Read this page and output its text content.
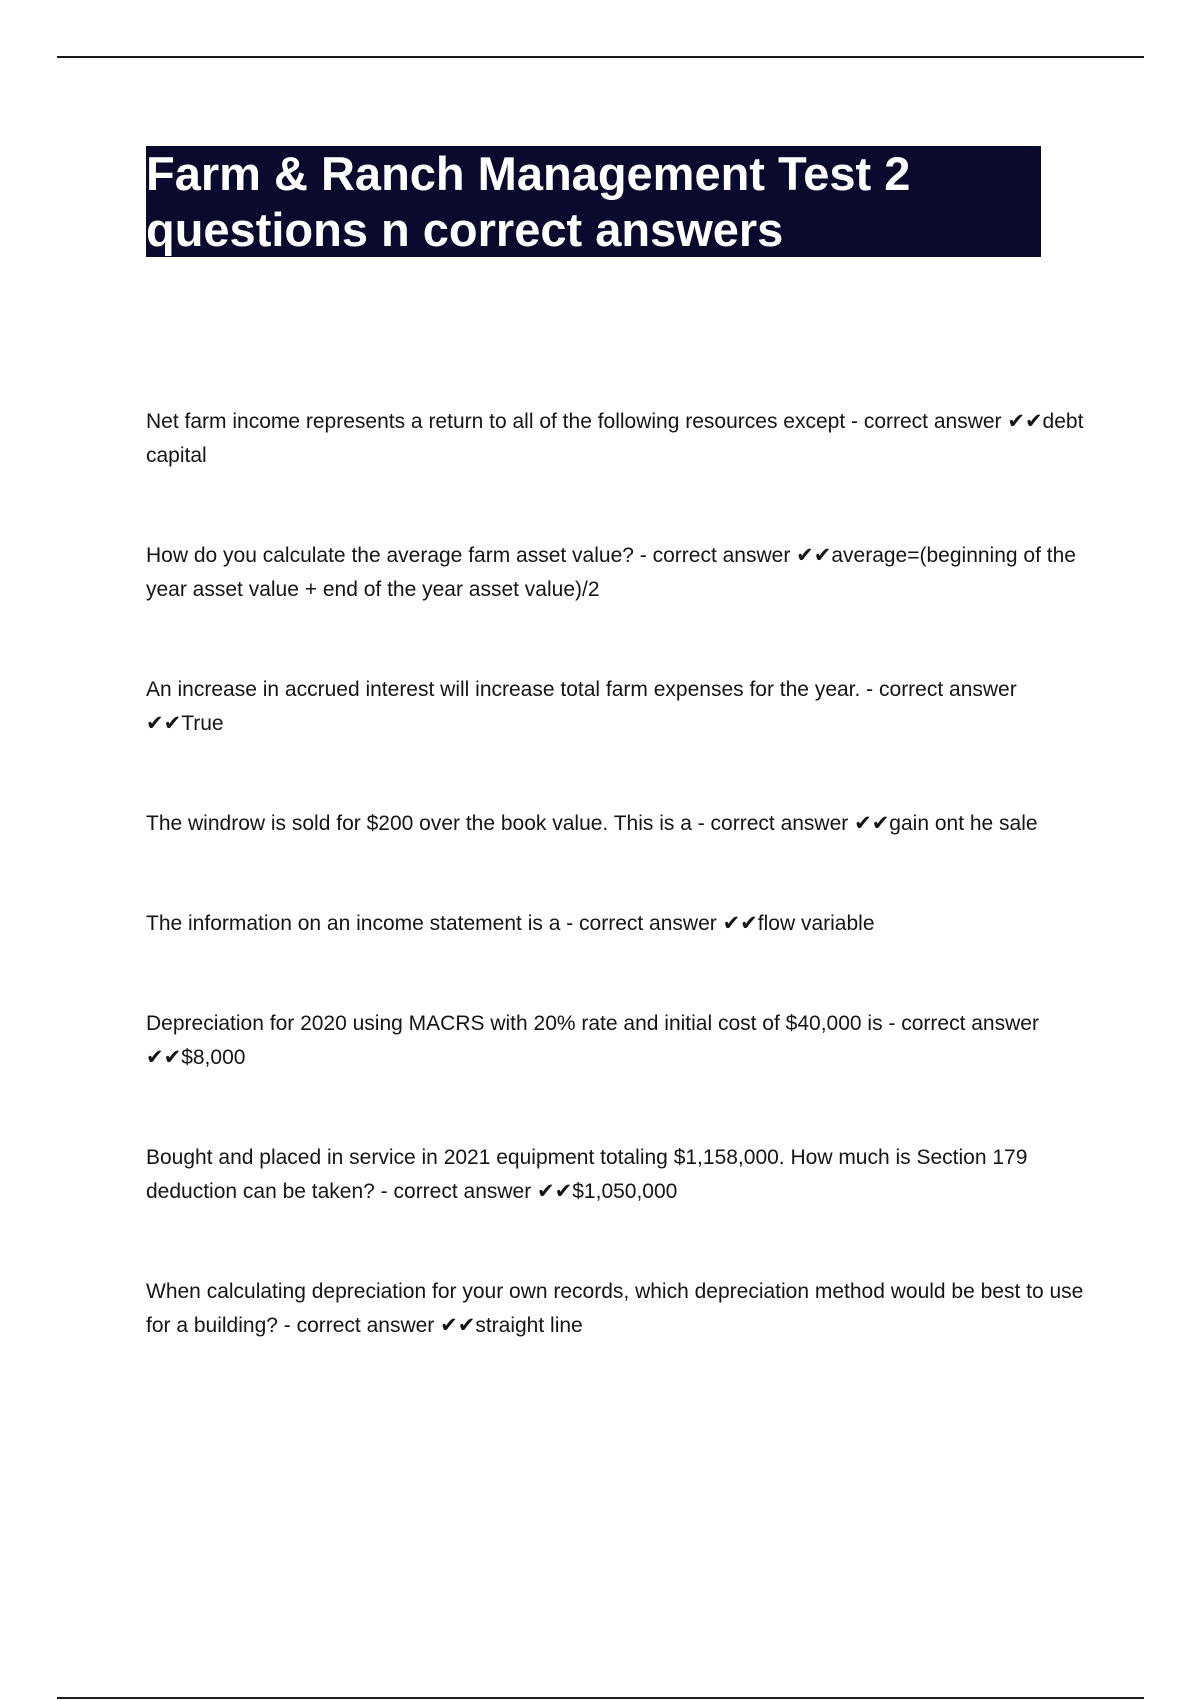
Farm & Ranch Management Test 2 questions n correct answers
Net farm income represents a return to all of the following resources except - correct answer ✔✔debt capital
How do you calculate the average farm asset value? - correct answer ✔✔average=(beginning of the year asset value + end of the year asset value)/2
An increase in accrued interest will increase total farm expenses for the year. - correct answer ✔✔True
The windrow is sold for $200 over the book value. This is a - correct answer ✔✔gain ont he sale
The information on an income statement is a - correct answer ✔✔flow variable
Depreciation for 2020 using MACRS with 20% rate and initial cost of $40,000 is - correct answer ✔✔$8,000
Bought and placed in service in 2021 equipment totaling $1,158,000. How much is Section 179 deduction can be taken? - correct answer ✔✔$1,050,000
When calculating depreciation for your own records, which depreciation method would be best to use for a building? - correct answer ✔✔straight line
